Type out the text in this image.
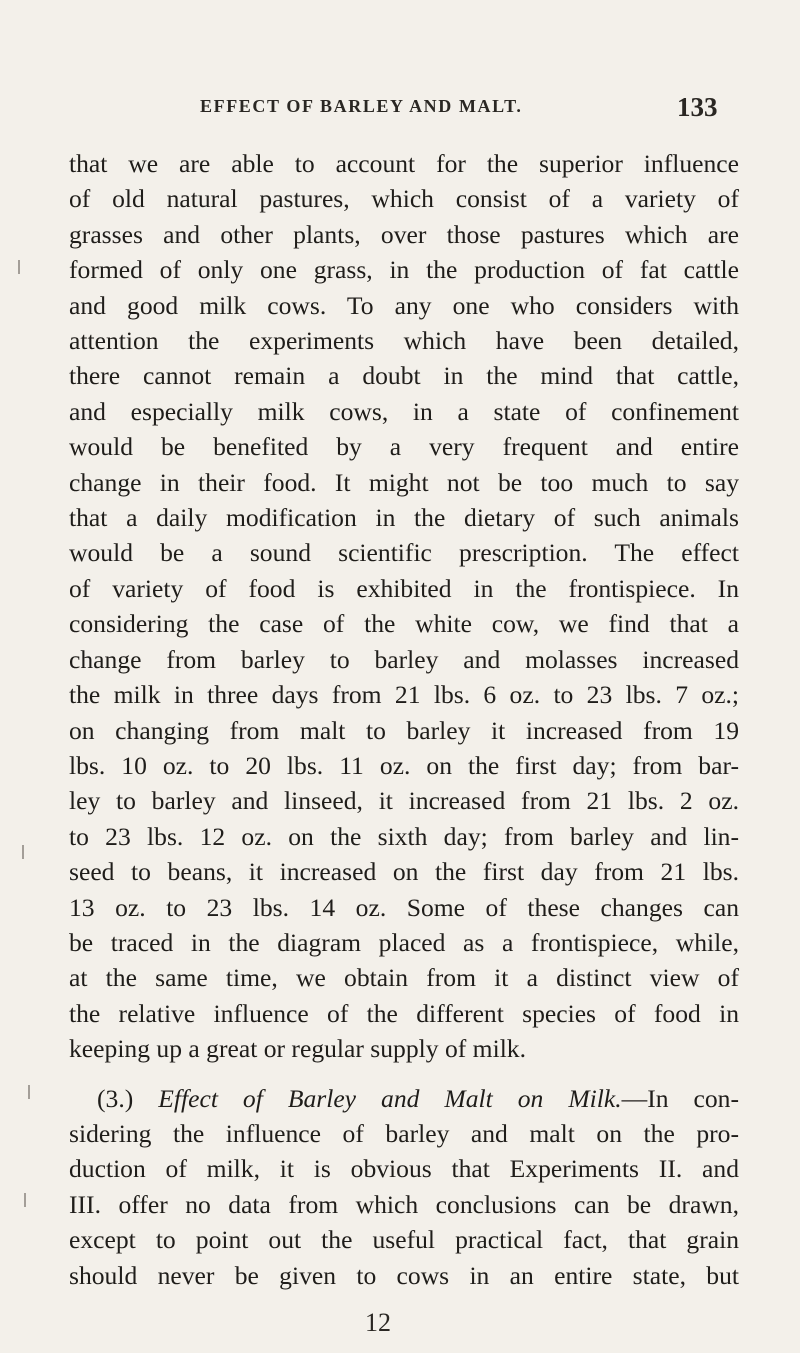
EFFECT OF BARLEY AND MALT.	133
that we are able to account for the superior influence
of old natural pastures, which consist of a variety of
grasses and other plants, over those pastures which are
formed of only one grass, in the production of fat cattle
and good milk cows. To any one who considers with
attention the experiments which have been detailed,
there cannot remain a doubt in the mind that cattle,
and especially milk cows, in a state of confinement
would be benefited by a very frequent and entire
change in their food. It might not be too much to say
that a daily modification in the dietary of such animals
would be a sound scientific prescription. The effect
of variety of food is exhibited in the frontispiece. In
considering the case of the white cow, we find that a
change from barley to barley and molasses increased
the milk in three days from 21 lbs. 6 oz. to 23 lbs. 7 oz.;
on changing from malt to barley it increased from 19
lbs. 10 oz. to 20 lbs. 11 oz. on the first day; from bar-
ley to barley and linseed, it increased from 21 lbs. 2 oz.
to 23 lbs. 12 oz. on the sixth day; from barley and lin-
seed to beans, it increased on the first day from 21 lbs.
13 oz. to 23 lbs. 14 oz. Some of these changes can
be traced in the diagram placed as a frontispiece, while,
at the same time, we obtain from it a distinct view of
the relative influence of the different species of food in
keeping up a great or regular supply of milk.
(3.) Effect of Barley and Malt on Milk.—In con-
sidering the influence of barley and malt on the pro-
duction of milk, it is obvious that Experiments II. and
III. offer no data from which conclusions can be drawn,
except to point out the useful practical fact, that grain
should never be given to cows in an entire state, but
12
